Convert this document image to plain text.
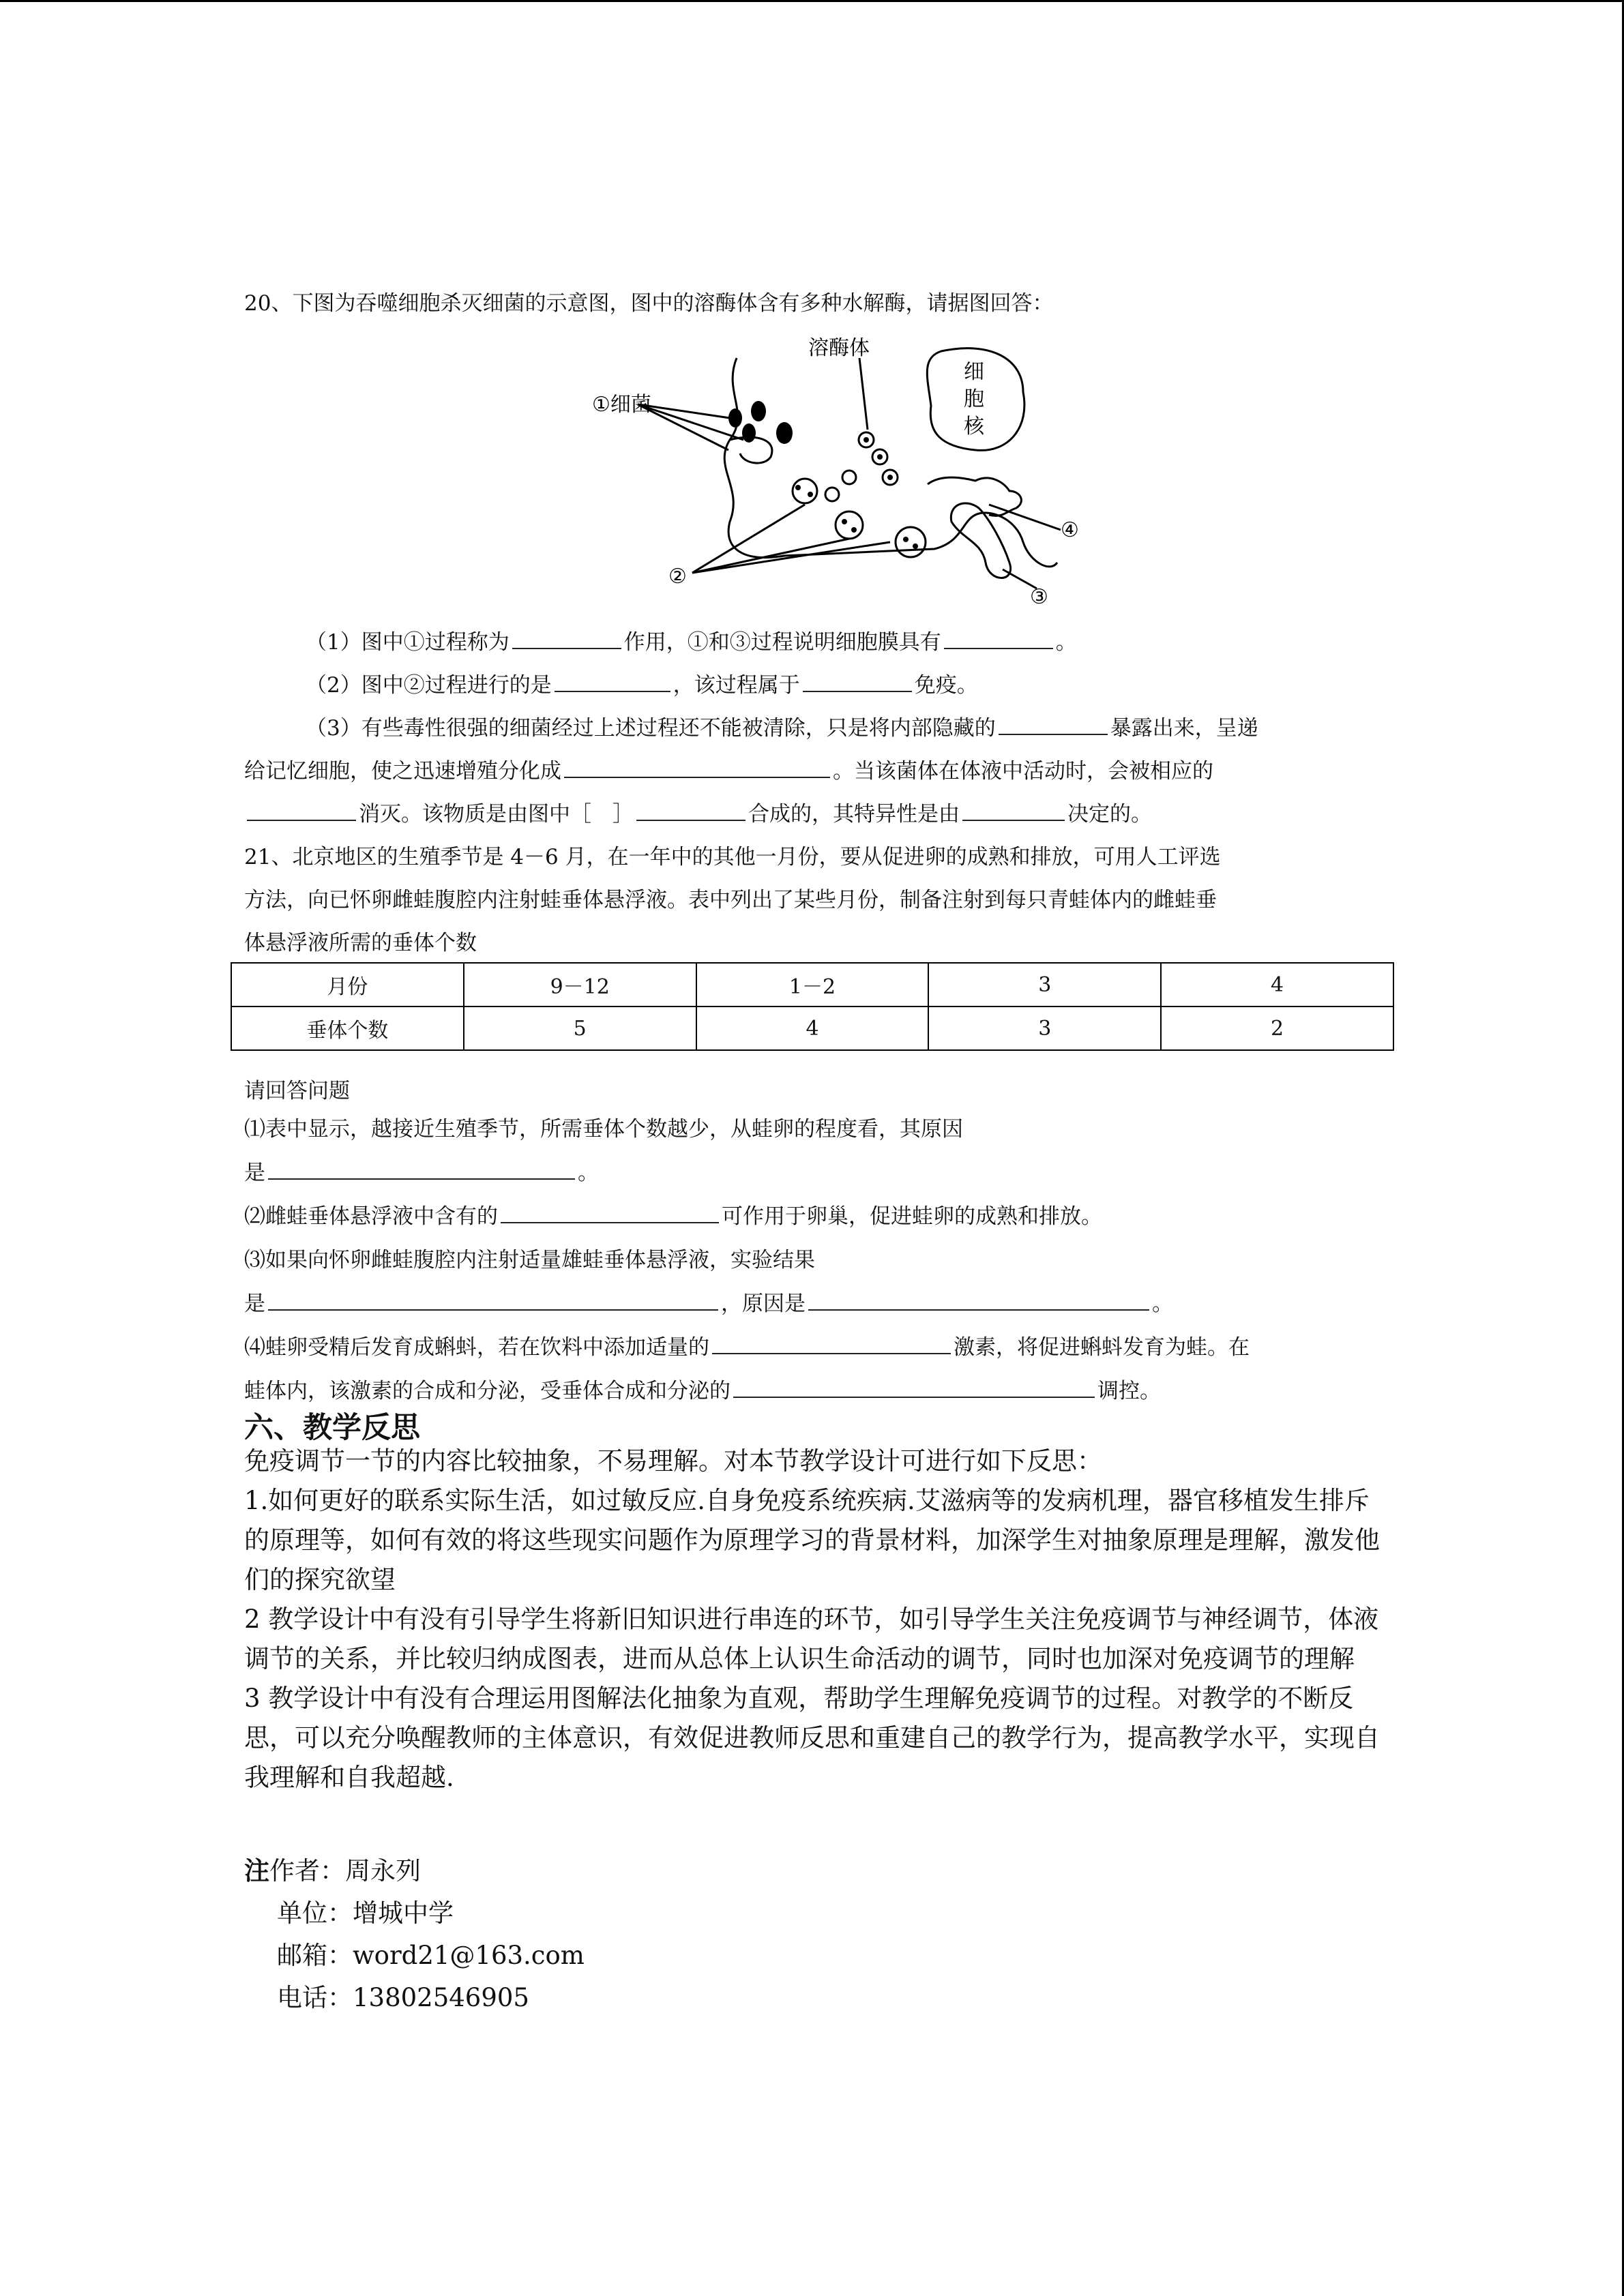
20、下图为吞噬细胞杀灭细菌的示意图，图中的溶酶体含有多种水解酶，请据图回答：
溶酶体
①细菌
细
胞
核
②
③
④
（1）图中①过程称为	作用，①和③过程说明细胞膜具有	。
（2）图中②过程进行的是	，该过程属于	免疫。
（3）有些毒性很强的细菌经过上述过程还不能被清除，只是将内部隐藏的	暴露出来，呈递
给记忆细胞，使之迅速增殖分化成	。当该菌体在体液中活动时，会被相应的
消灭。该物质是由图中［　］	合成的，其特异性是由	决定的。
21、北京地区的生殖季节是 4－6 月，在一年中的其他一月份，要从促进卵的成熟和排放，可用人工评选
方法，向已怀卵雌蛙腹腔内注射蛙垂体悬浮液。表中列出了某些月份，制备注射到每只青蛙体内的雌蛙垂
体悬浮液所需的垂体个数
月份	9－12	1－2	3	4
垂体个数	5	4	3	2
请回答问题
⑴表中显示，越接近生殖季节，所需垂体个数越少，从蛙卵的程度看，其原因
是	。
⑵雌蛙垂体悬浮液中含有的	可作用于卵巢，促进蛙卵的成熟和排放。
⑶如果向怀卵雌蛙腹腔内注射适量雄蛙垂体悬浮液，实验结果
是	，原因是	。
⑷蛙卵受精后发育成蝌蚪，若在饮料中添加适量的	激素，将促进蝌蚪发育为蛙。在
蛙体内，该激素的合成和分泌，受垂体合成和分泌的	调控。
六、教学反思

免疫调节一节的内容比较抽象，不易理解。对本节教学设计可进行如下反思：

1.如何更好的联系实际生活，如过敏反应.自身免疫系统疾病.艾滋病等的发病机理，器官移植发生排斥的原理等，如何有效的将这些现实问题作为原理学习的背景材料，加深学生对抽象原理是理解，激发他们的探究欲望

2 教学设计中有没有引导学生将新旧知识进行串连的环节，如引导学生关注免疫调节与神经调节，体液调节的关系，并比较归纳成图表，进而从总体上认识生命活动的调节，同时也加深对免疫调节的理解

3 教学设计中有没有合理运用图解法化抽象为直观，帮助学生理解免疫调节的过程。对教学的不断反思，可以充分唤醒教师的主体意识，有效促进教师反思和重建自己的教学行为，提高教学水平，实现自我理解和自我超越.

注作者：周永列
单位：增城中学
邮箱：word21@163.com
电话：13802546905
